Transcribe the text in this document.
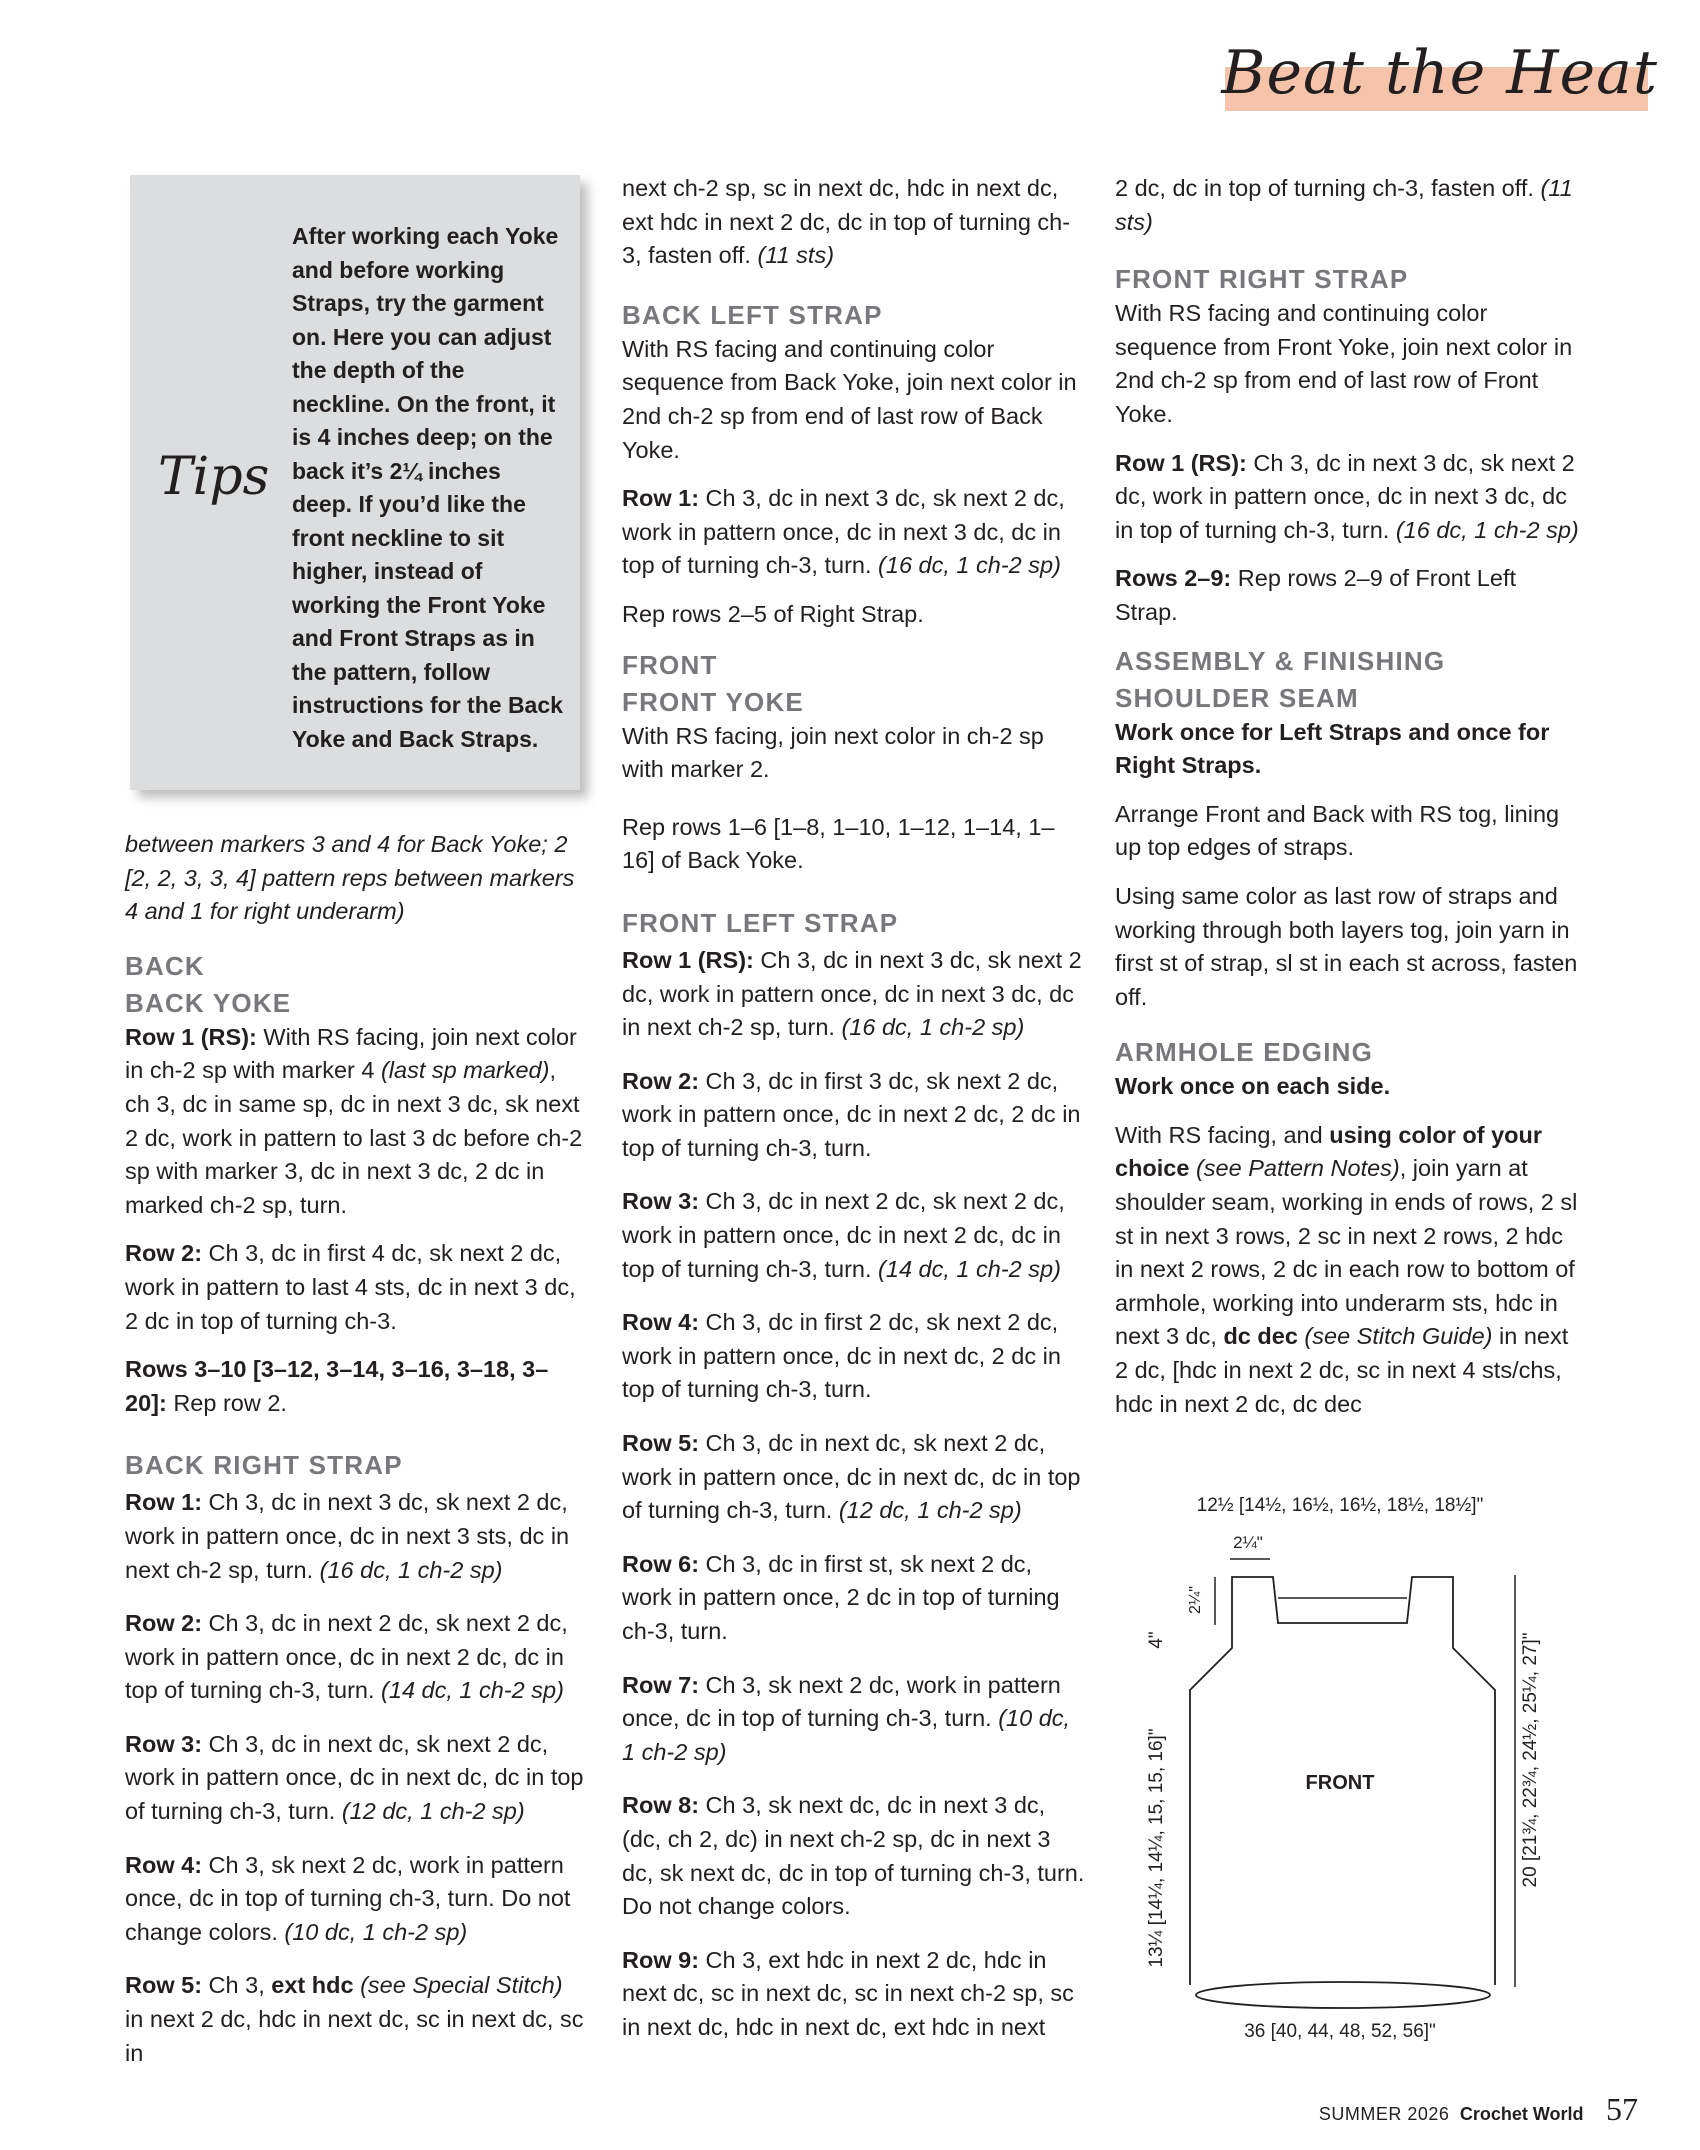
Beat the Heat
Tips
After working each Yoke and before working Straps, try the garment on. Here you can adjust the depth of the neckline. On the front, it is 4 inches deep; on the back it’s 2¼ inches deep. If you’d like the front neckline to sit higher, instead of working the Front Yoke and Front Straps as in the pattern, follow instructions for the Back Yoke and Back Straps.

between markers 3 and 4 for Back Yoke; 2 [2, 2, 3, 3, 4] pattern reps between markers 4 and 1 for right underarm)

BACK
BACK YOKE

Row 1 (RS): With RS facing, join next color in ch-2 sp with marker 4 (last sp marked), ch 3, dc in same sp, dc in next 3 dc, sk next 2 dc, work in pattern to last 3 dc before ch-2 sp with marker 3, dc in next 3 dc, 2 dc in marked ch-2 sp, turn.

Row 2: Ch 3, dc in first 4 dc, sk next 2 dc, work in pattern to last 4 sts, dc in next 3 dc, 2 dc in top of turning ch-3.

Rows 3–10 [3–12, 3–14, 3–16, 3–18, 3–20]: Rep row 2.

BACK RIGHT STRAP

Row 1: Ch 3, dc in next 3 dc, sk next 2 dc, work in pattern once, dc in next 3 sts, dc in next ch-2 sp, turn. (16 dc, 1 ch-2 sp)

Row 2: Ch 3, dc in next 2 dc, sk next 2 dc, work in pattern once, dc in next 2 dc, dc in top of turning ch-3, turn. (14 dc, 1 ch-2 sp)

Row 3: Ch 3, dc in next dc, sk next 2 dc, work in pattern once, dc in next dc, dc in top of turning ch-3, turn. (12 dc, 1 ch-2 sp)

Row 4: Ch 3, sk next 2 dc, work in pattern once, dc in top of turning ch-3, turn. Do not change colors. (10 dc, 1 ch-2 sp)

Row 5: Ch 3, ext hdc (see Special Stitch) in next 2 dc, hdc in next dc, sc in next dc, sc in

next ch-2 sp, sc in next dc, hdc in next dc, ext hdc in next 2 dc, dc in top of turning ch-3, fasten off. (11 sts)

BACK LEFT STRAP

With RS facing and continuing color sequence from Back Yoke, join next color in 2nd ch-2 sp from end of last row of Back Yoke.

Row 1: Ch 3, dc in next 3 dc, sk next 2 dc, work in pattern once, dc in next 3 dc, dc in top of turning ch-3, turn. (16 dc, 1 ch-2 sp)

Rep rows 2–5 of Right Strap.

FRONT
FRONT YOKE

With RS facing, join next color in ch-2 sp with marker 2.

Rep rows 1–6 [1–8, 1–10, 1–12, 1–14, 1–16] of Back Yoke.

FRONT LEFT STRAP

Row 1 (RS): Ch 3, dc in next 3 dc, sk next 2 dc, work in pattern once, dc in next 3 dc, dc in next ch-2 sp, turn. (16 dc, 1 ch-2 sp)

Row 2: Ch 3, dc in first 3 dc, sk next 2 dc, work in pattern once, dc in next 2 dc, 2 dc in top of turning ch-3, turn.

Row 3: Ch 3, dc in next 2 dc, sk next 2 dc, work in pattern once, dc in next 2 dc, dc in top of turning ch-3, turn. (14 dc, 1 ch-2 sp)

Row 4: Ch 3, dc in first 2 dc, sk next 2 dc, work in pattern once, dc in next dc, 2 dc in top of turning ch-3, turn.

Row 5: Ch 3, dc in next dc, sk next 2 dc, work in pattern once, dc in next dc, dc in top of turning ch-3, turn. (12 dc, 1 ch-2 sp)

Row 6: Ch 3, dc in first st, sk next 2 dc, work in pattern once, 2 dc in top of turning ch-3, turn.

Row 7: Ch 3, sk next 2 dc, work in pattern once, dc in top of turning ch-3, turn. (10 dc, 1 ch-2 sp)

Row 8: Ch 3, sk next dc, dc in next 3 dc, (dc, ch 2, dc) in next ch-2 sp, dc in next 3 dc, sk next dc, dc in top of turning ch-3, turn. Do not change colors.

Row 9: Ch 3, ext hdc in next 2 dc, hdc in next dc, sc in next dc, sc in next ch-2 sp, sc in next dc, hdc in next dc, ext hdc in next

2 dc, dc in top of turning ch-3, fasten off. (11 sts)

FRONT RIGHT STRAP

With RS facing and continuing color sequence from Front Yoke, join next color in 2nd ch-2 sp from end of last row of Front Yoke.

Row 1 (RS): Ch 3, dc in next 3 dc, sk next 2 dc, work in pattern once, dc in next 3 dc, dc in top of turning ch-3, turn. (16 dc, 1 ch-2 sp)

Rows 2–9: Rep rows 2–9 of Front Left Strap.

ASSEMBLY & FINISHING
SHOULDER SEAM

Work once for Left Straps and once for Right Straps.

Arrange Front and Back with RS tog, lining up top edges of straps.

Using same color as last row of straps and working through both layers tog, join yarn in first st of strap, sl st in each st across, fasten off.

ARMHOLE EDGING

Work once on each side.

With RS facing, and using color of your choice (see Pattern Notes), join yarn at shoulder seam, working in ends of rows, 2 sl st in next 3 rows, 2 sc in next 2 rows, 2 hdc in next 2 rows, 2 dc in each row to bottom of armhole, working into underarm sts, hdc in next 3 dc, dc dec (see Stitch Guide) in next 2 dc, [hdc in next 2 dc, sc in next 4 sts/chs, hdc in next 2 dc, dc dec

12½ [14½, 16½, 16½, 18½, 18½]"
2¼"
4"
2¼"
13¼ [14¼, 14¼, 15, 15, 16]"	20 [21¾, 22¾, 24½, 25¼, 27]"
FRONT
36 [40, 44, 48, 52, 56]"
SUMMER 2026 Crochet World 57
